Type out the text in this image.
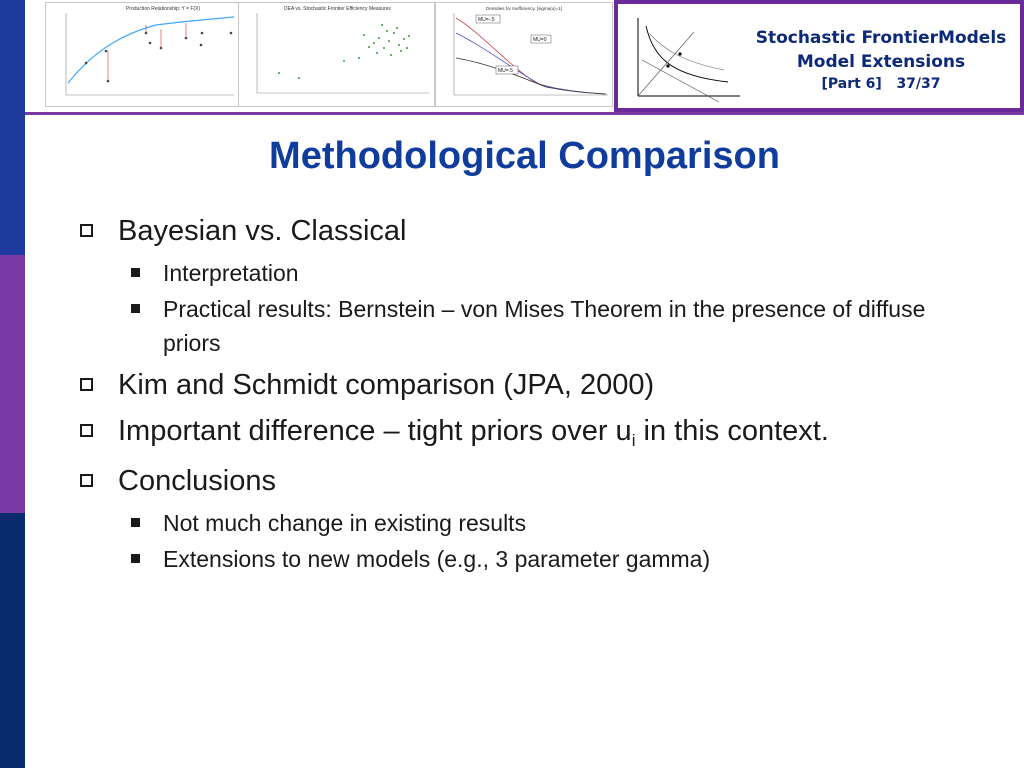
Production Relationship: Y = F(X)	DEA vs. Stochastic Frontier Efficiency Measures	Densities for Inefficiency, [sigma(u)=1]
MU=-.5
MU=0
MU=.5
Stochastic FrontierModels
Model Extensions
[Part 6] 37/37
Methodological Comparison
Bayesian vs. Classical
Interpretation
Practical results: Bernstein – von Mises Theorem in the presence of diffuse priors
Kim and Schmidt comparison (JPA, 2000)
Important difference – tight priors over $u_i$ in this context.
Conclusions
Not much change in existing results
Extensions to new models (e.g., 3 parameter gamma)
